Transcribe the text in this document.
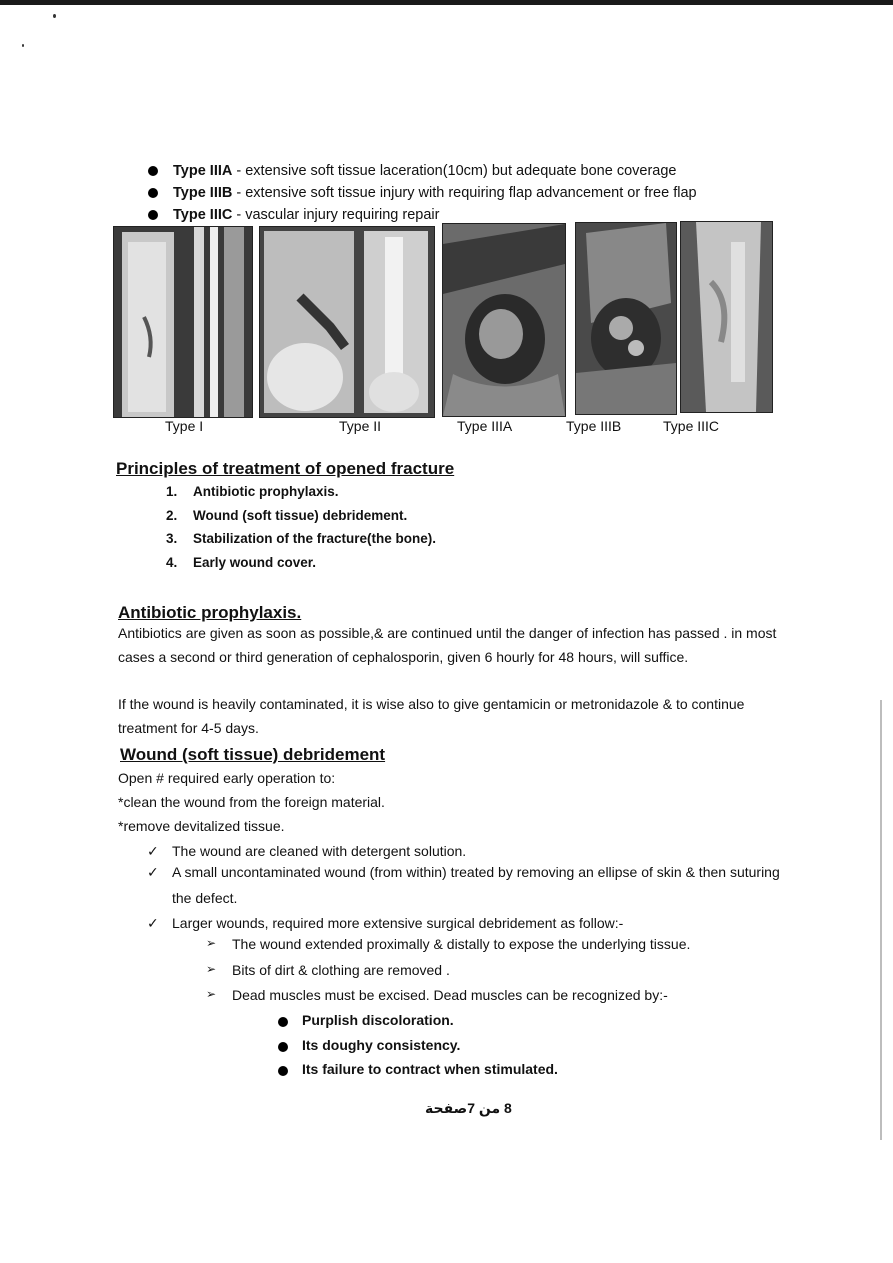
Type IIIA - extensive soft tissue laceration(10cm) but adequate bone coverage
Type IIIB - extensive soft tissue injury with requiring flap advancement or free flap
Type IIIC - vascular injury requiring repair
Type I	Type II	Type IIIA	Type IIIB	Type IIIC
Principles of treatment of opened fracture
1. Antibiotic prophylaxis.
2. Wound (soft tissue) debridement.
3. Stabilization of the fracture(the bone).
4. Early wound cover.
Antibiotic prophylaxis.
Antibiotics are given as soon as possible,& are continued until the danger of infection has passed . in most cases a second or third generation of cephalosporin, given 6 hourly for 48 hours, will suffice.
If the wound is heavily contaminated, it is wise also to give gentamicin or metronidazole & to continue treatment for 4-5 days.
Wound (soft tissue) debridement
Open # required early operation to:
*clean the wound from the foreign material.
*remove devitalized tissue.
✓ The wound are cleaned with detergent solution.
✓ A small uncontaminated wound (from within) treated by removing an ellipse of skin & then suturing the defect.
✓ Larger wounds, required more extensive surgical debridement as follow:-
➢ The wound extended proximally & distally to expose the underlying tissue.
➢ Bits of dirt & clothing are removed .
➢ Dead muscles must be excised. Dead muscles can be recognized by:-
Purplish discoloration.
Its doughy consistency.
Its failure to contract when stimulated.
8 من 7صفحة
